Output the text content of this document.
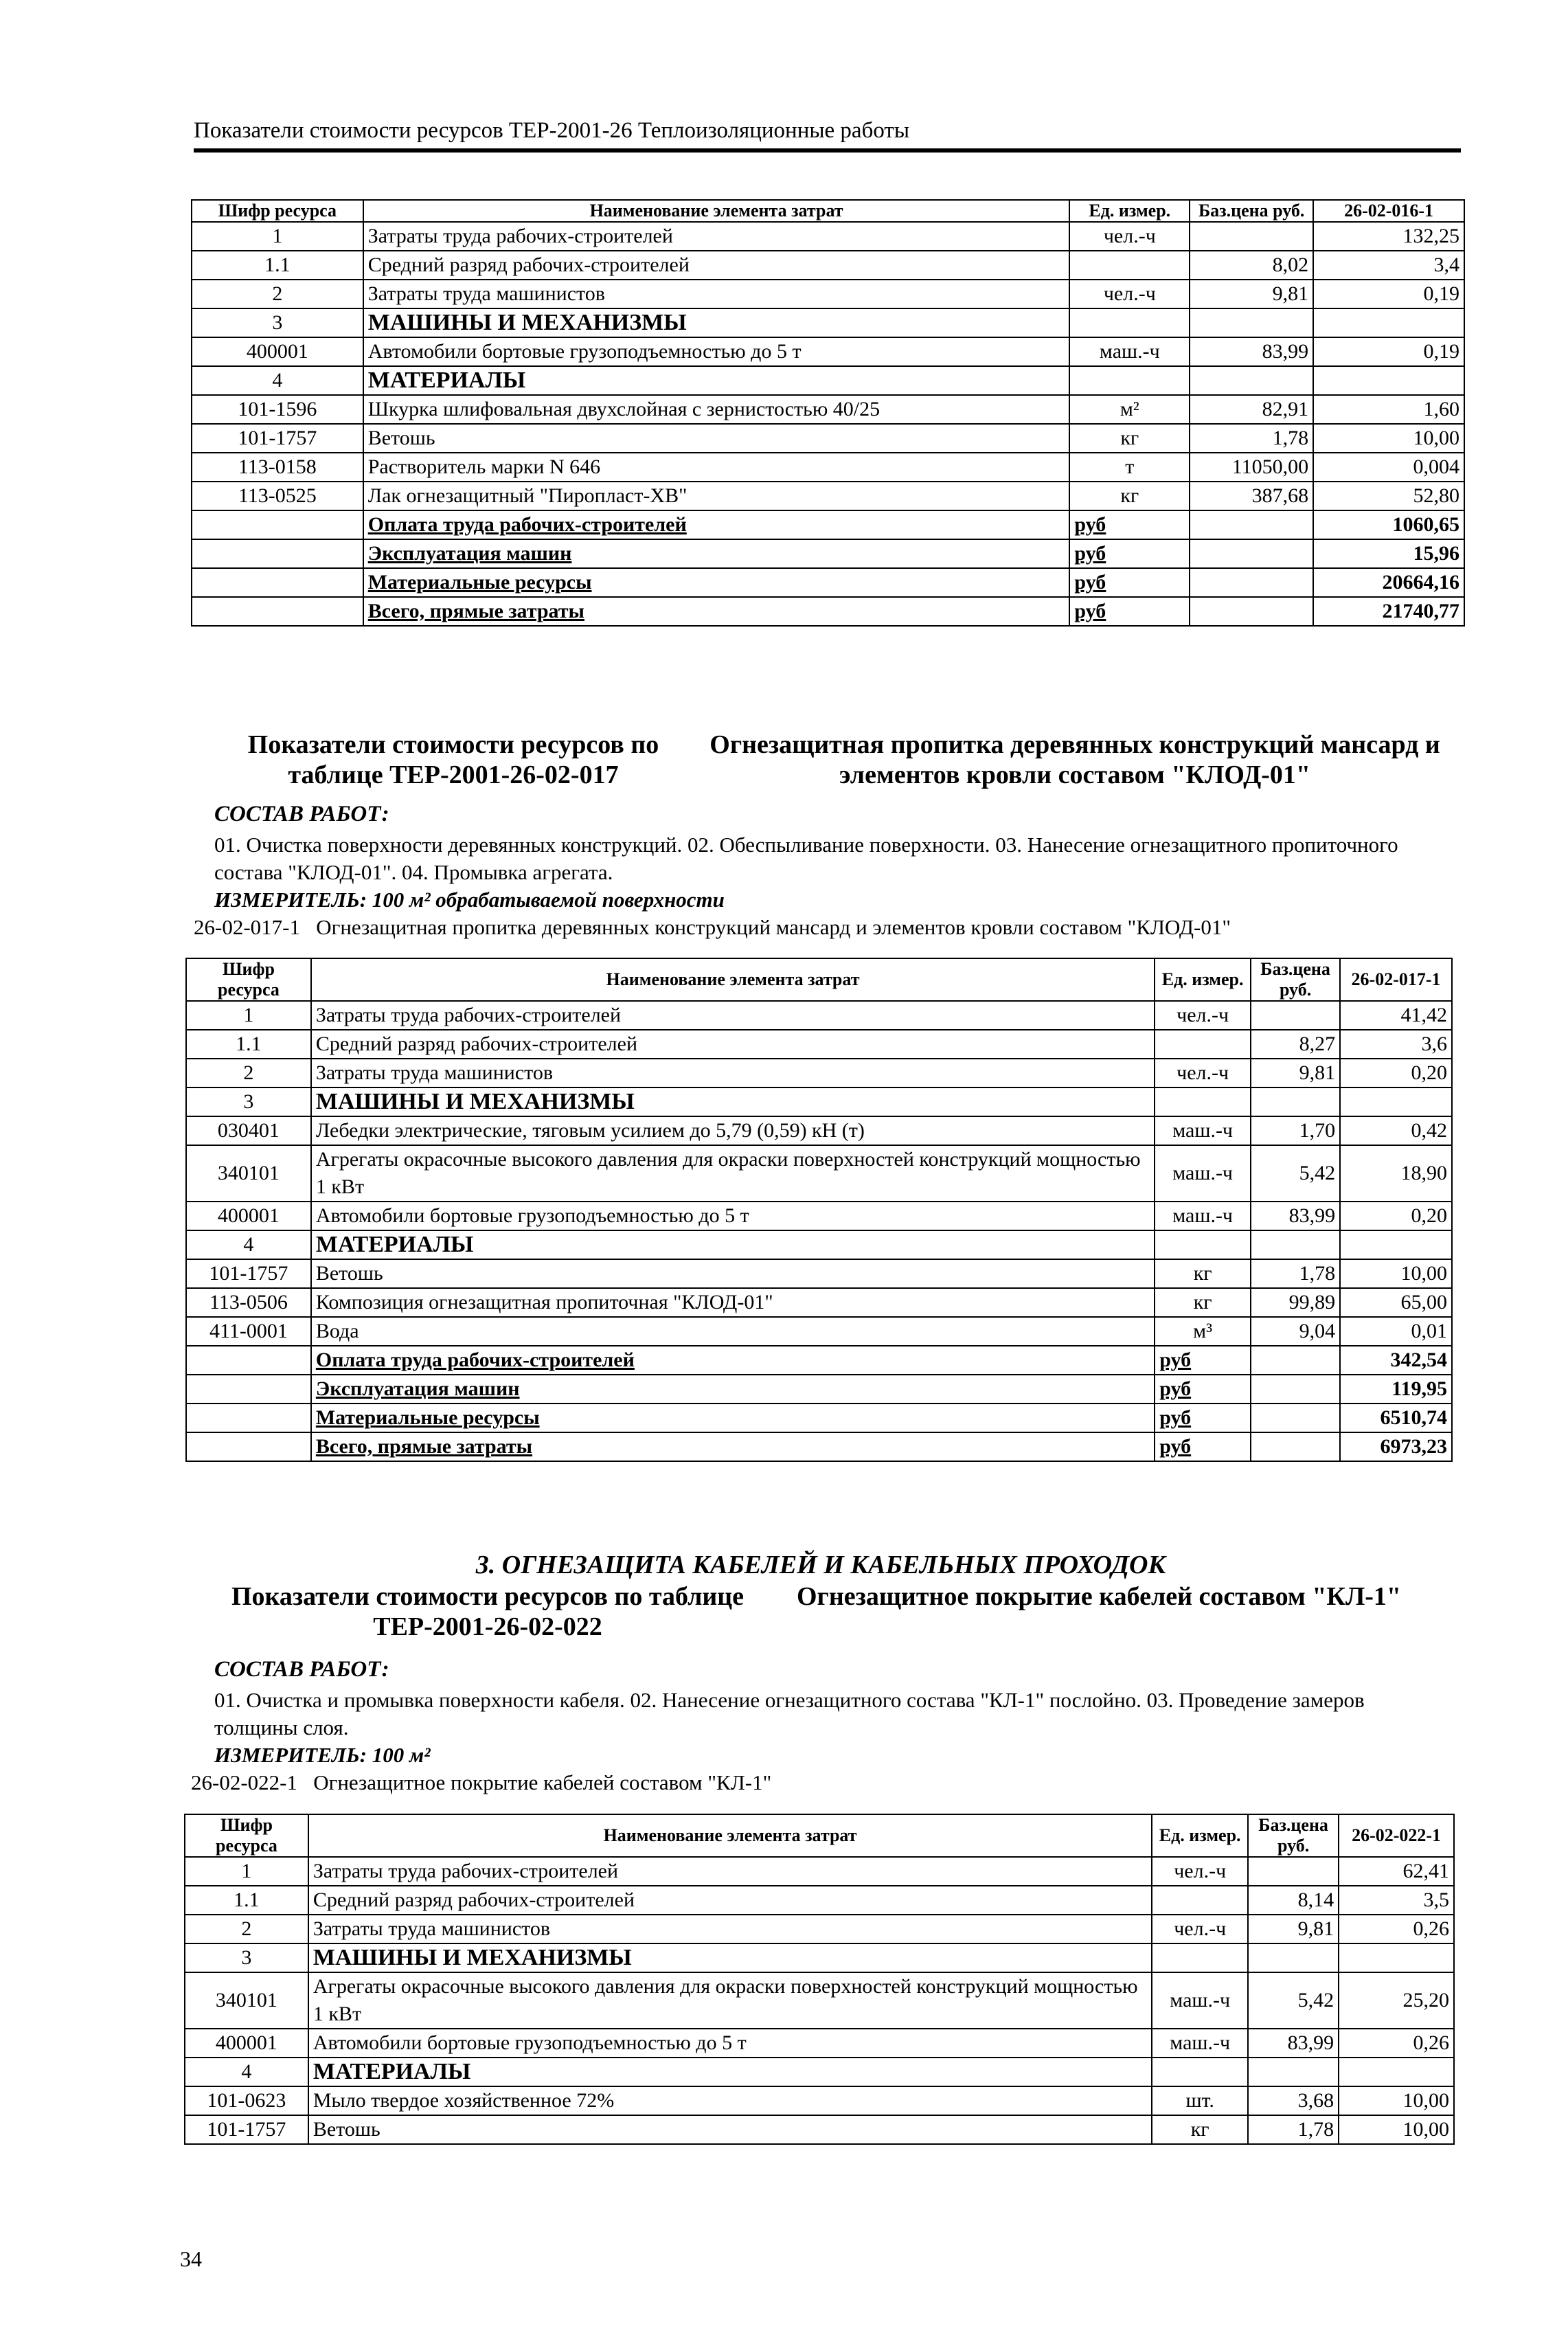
Показатели стоимости ресурсов ТЕР-2001-26 Теплоизоляционные работы
Шифр ресурса	Наименование элемента затрат	Ед. измер.	Баз.цена руб.	26-02-016-1
1	Затраты труда рабочих-строителей	чел.-ч		132,25
1.1	Средний разряд рабочих-строителей		8,02	3,4
2	Затраты труда машинистов	чел.-ч	9,81	0,19
3	МАШИНЫ И МЕХАНИЗМЫ			
400001	Автомобили бортовые грузоподъемностью до 5 т	маш.-ч	83,99	0,19
4	МАТЕРИАЛЫ			
101-1596	Шкурка шлифовальная двухслойная с зернистостью 40/25	м²	82,91	1,60
101-1757	Ветошь	кг	1,78	10,00
113-0158	Растворитель марки N 646	т	11050,00	0,004
113-0525	Лак огнезащитный "Пиропласт-ХВ"	кг	387,68	52,80
	Оплата труда рабочих-строителей	руб		1060,65
	Эксплуатация машин	руб		15,96
	Материальные ресурсы	руб		20664,16
	Всего, прямые затраты	руб		21740,77
Показатели стоимости ресурсов по таблице ТЕР-2001-26-02-017
Огнезащитная пропитка деревянных конструкций мансард и элементов кровли составом "КЛОД-01"
СОСТАВ РАБОТ:
01. Очистка поверхности деревянных конструкций. 02. Обеспыливание поверхности. 03. Нанесение огнезащитного пропиточного состава "КЛОД-01". 04. Промывка агрегата.
ИЗМЕРИТЕЛЬ: 100 м² обрабатываемой поверхности
26-02-017-1   Огнезащитная пропитка деревянных конструкций мансард и элементов кровли составом "КЛОД-01"
Шифр ресурса	Наименование элемента затрат	Ед. измер.	Баз.цена руб.	26-02-017-1
1	Затраты труда рабочих-строителей	чел.-ч		41,42
1.1	Средний разряд рабочих-строителей		8,27	3,6
2	Затраты труда машинистов	чел.-ч	9,81	0,20
3	МАШИНЫ И МЕХАНИЗМЫ			
030401	Лебедки электрические, тяговым усилием до 5,79 (0,59) кН (т)	маш.-ч	1,70	0,42
340101	Агрегаты окрасочные высокого давления для окраски поверхностей конструкций мощностью 1 кВт	маш.-ч	5,42	18,90
400001	Автомобили бортовые грузоподъемностью до 5 т	маш.-ч	83,99	0,20
4	МАТЕРИАЛЫ			
101-1757	Ветошь	кг	1,78	10,00
113-0506	Композиция огнезащитная пропиточная "КЛОД-01"	кг	99,89	65,00
411-0001	Вода	м³	9,04	0,01
	Оплата труда рабочих-строителей	руб		342,54
	Эксплуатация машин	руб		119,95
	Материальные ресурсы	руб		6510,74
	Всего, прямые затраты	руб		6973,23
3. ОГНЕЗАЩИТА КАБЕЛЕЙ И КАБЕЛЬНЫХ ПРОХОДОК
Показатели стоимости ресурсов по таблице ТЕР-2001-26-02-022
Огнезащитное покрытие кабелей составом "КЛ-1"
СОСТАВ РАБОТ:
01. Очистка и промывка поверхности кабеля. 02. Нанесение огнезащитного состава "КЛ-1" послойно. 03. Проведение замеров толщины слоя.
ИЗМЕРИТЕЛЬ: 100 м²
26-02-022-1   Огнезащитное покрытие кабелей составом "КЛ-1"
Шифр ресурса	Наименование элемента затрат	Ед. измер.	Баз.цена руб.	26-02-022-1
1	Затраты труда рабочих-строителей	чел.-ч		62,41
1.1	Средний разряд рабочих-строителей		8,14	3,5
2	Затраты труда машинистов	чел.-ч	9,81	0,26
3	МАШИНЫ И МЕХАНИЗМЫ			
340101	Агрегаты окрасочные высокого давления для окраски поверхностей конструкций мощностью 1 кВт	маш.-ч	5,42	25,20
400001	Автомобили бортовые грузоподъемностью до 5 т	маш.-ч	83,99	0,26
4	МАТЕРИАЛЫ			
101-0623	Мыло твердое хозяйственное 72%	шт.	3,68	10,00
101-1757	Ветошь	кг	1,78	10,00
34
